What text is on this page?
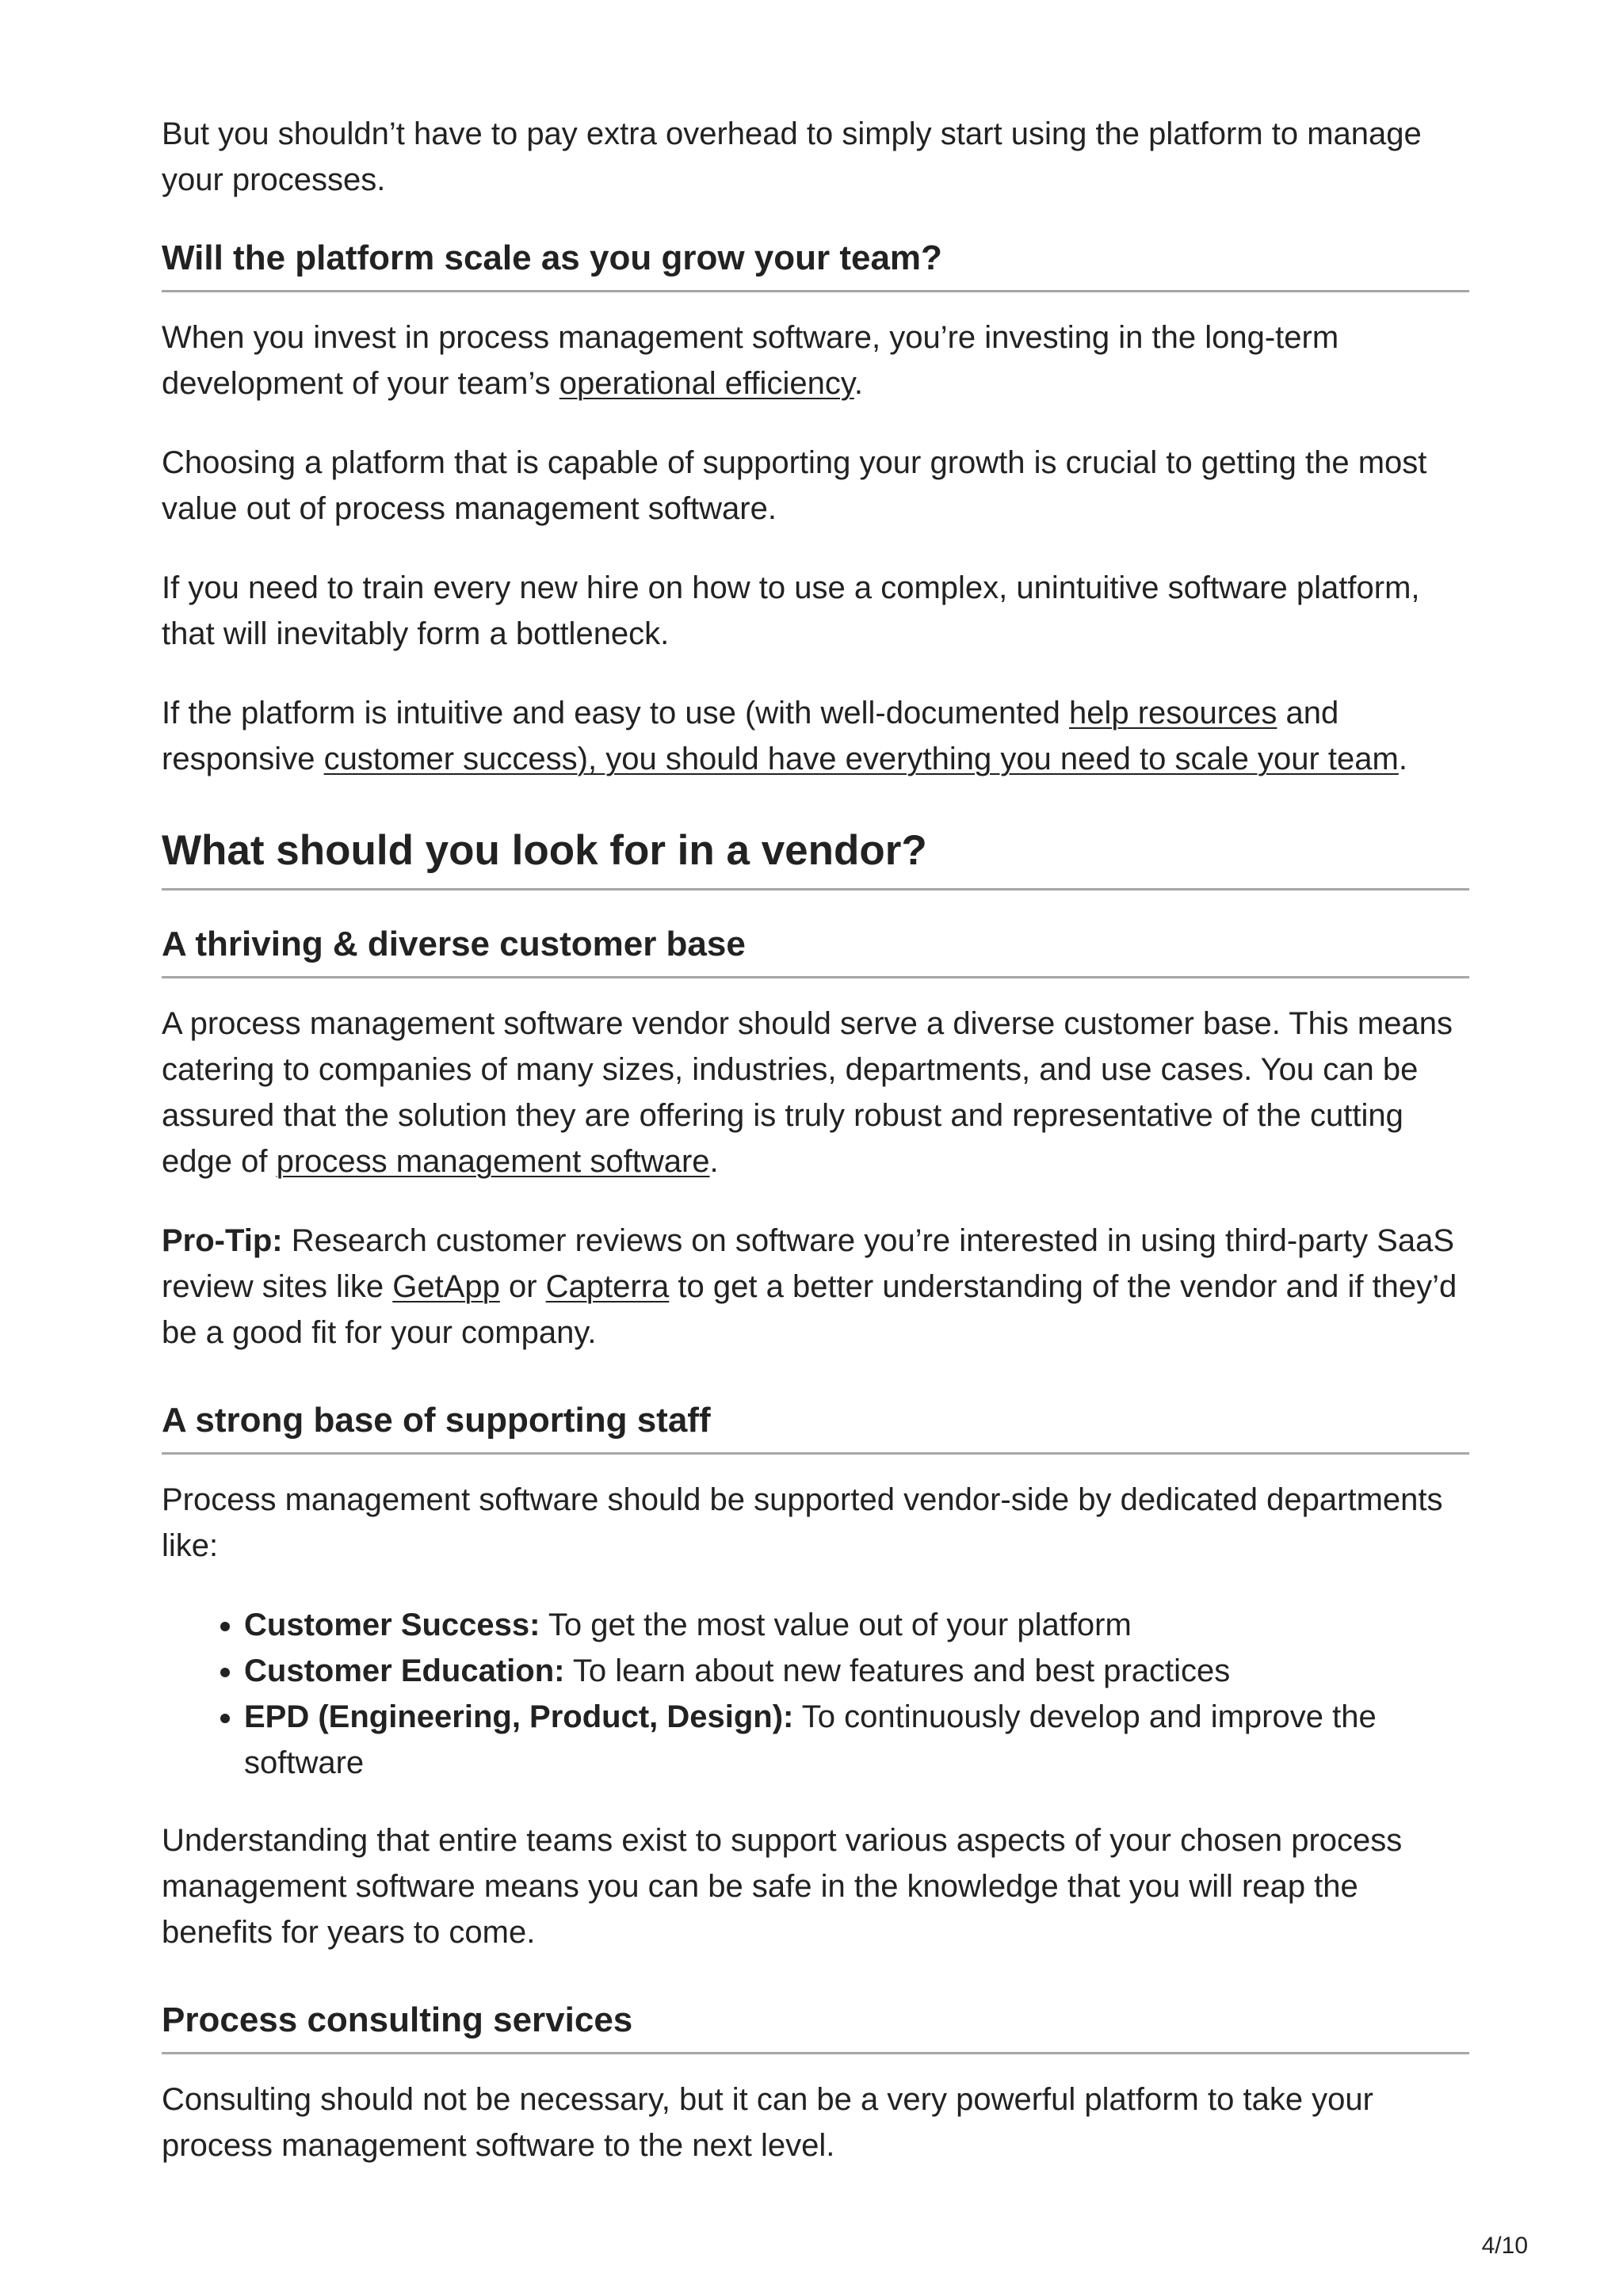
But you shouldn’t have to pay extra overhead to simply start using the platform to manage your processes.

Will the platform scale as you grow your team?

When you invest in process management software, you’re investing in the long-term development of your team’s operational efficiency.

Choosing a platform that is capable of supporting your growth is crucial to getting the most value out of process management software.

If you need to train every new hire on how to use a complex, unintuitive software platform, that will inevitably form a bottleneck.

If the platform is intuitive and easy to use (with well-documented help resources and responsive customer success), you should have everything you need to scale your team.

What should you look for in a vendor?
A thriving & diverse customer base

A process management software vendor should serve a diverse customer base. This means catering to companies of many sizes, industries, departments, and use cases. You can be assured that the solution they are offering is truly robust and representative of the cutting edge of process management software.

Pro-Tip: Research customer reviews on software you’re interested in using third-party SaaS review sites like GetApp or Capterra to get a better understanding of the vendor and if they’d be a good fit for your company.

A strong base of supporting staff

Process management software should be supported vendor-side by dedicated departments like:

• Customer Success: To get the most value out of your platform
• Customer Education: To learn about new features and best practices
• EPD (Engineering, Product, Design): To continuously develop and improve the software

Understanding that entire teams exist to support various aspects of your chosen process management software means you can be safe in the knowledge that you will reap the benefits for years to come.

Process consulting services

Consulting should not be necessary, but it can be a very powerful platform to take your process management software to the next level.

4/10
